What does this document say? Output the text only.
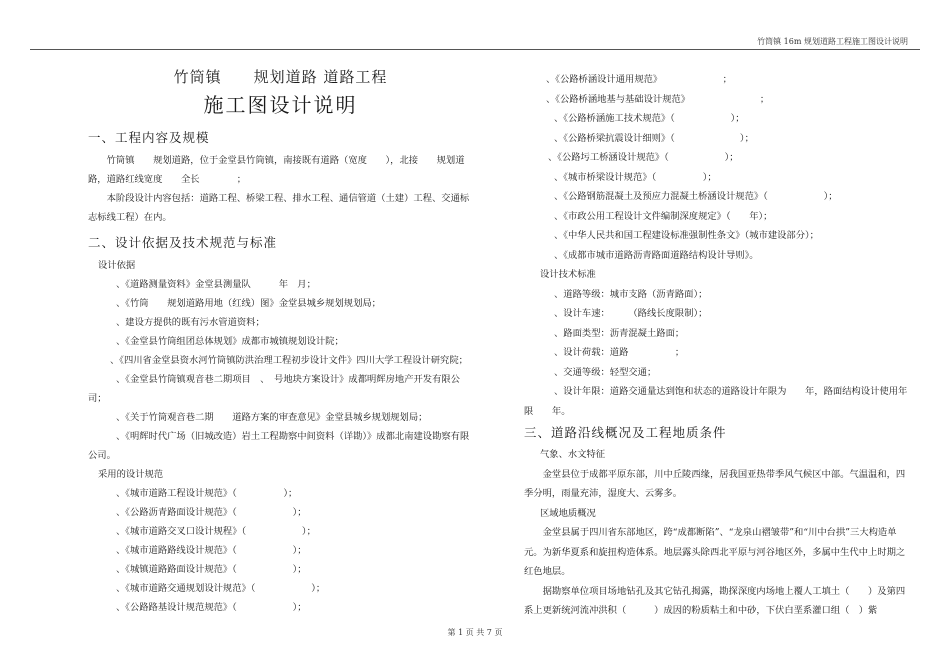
竹筒镇 16m 规划道路工程施工图设计说明
竹筒镇　　规划道路 道路工程
施工图设计说明
一、工程内容及规模

竹筒镇　　规划道路，位于金堂县竹筒镇，南接既有道路（宽度　　），北接　　规划道路，道路红线宽度　　全长　　　　；

本阶段设计内容包括：道路工程、桥梁工程、排水工程、通信管道（土建）工程、交通标志标线工程）在内。

二、设计依据及技术规范与标准

设计依据

、《道路测量资料》金堂县测量队　　　年　月；

、《竹筒　　规划道路用地（红线）图》金堂县城乡规划规划局；

、建设方提供的既有污水管道资料；

、《金堂县竹筒组团总体规划》成都市城镇规划设计院；

、《四川省金堂县资水河竹筒镇防洪治理工程初步设计文件》四川大学工程设计研究院；

、《金堂县竹筒镇观音巷二期项目　、　号地块方案设计》成都明辉房地产开发有限公司；

、《关于竹筒观音巷二期　　道路方案的审查意见》金堂县城乡规划规划局；

、《明辉时代广场（旧城改造）岩土工程勘察中间资料（详勘）》成都北南建设勘察有限公司。

采用的设计规范

、《城市道路工程设计规范》（　　　　　）；

、《公路沥青路面设计规范》（　　　　　　）；

、《城市道路交叉口设计规程》（　　　　　　）；

、《城市道路路线设计规范》（　　　　　　）；

、《城镇道路路面设计规范》（　　　　　　）；

、《城市道路交通规划设计规范》（　　　　　　）；

、《公路路基设计规范规范》（　　　　　　）；

、《公路桥涵设计通用规范》　　　　　　　；

、《公路桥涵地基与基础设计规范》　　　　　　　　；

、《公路桥涵施工技术规范》（　　　　　　）；

、《公路桥梁抗震设计细则》（　　　　　　　）；

、《公路圬工桥涵设计规范》（　　　　　　）；

、《城市桥梁设计规范》（　　　　　）；

、《公路钢筋混凝土及预应力混凝土桥涵设计规范》（　　　　　　）；

、《市政公用工程设计文件编制深度规定》（　　年）；

、《中华人民共和国工程建设标准强制性条文》（城市建设部分）；

、《成都市城市道路沥青路面道路结构设计导则》。

设计技术标准

、道路等级：城市支路（沥青路面）；

、设计车速：　　　（路线长度限制）；

、路面类型：沥青混凝土路面；

、设计荷载：道路　　　　　；

、交通等级：轻型交通；

、设计年限：道路交通量达到饱和状态的道路设计年限为　　年，路面结构设计使用年限　　年。

三、道路沿线概况及工程地质条件

气象、水文特征

金堂县位于成都平原东部，川中丘陵西缘，居我国亚热带季风气候区中部。气温温和，四季分明，雨量充沛，湿度大、云雾多。

区域地质概况

金堂县属于四川省东部地区，跨“成都断陷”、“龙泉山褶皱带”和“川中台拱”三大构造单元。为新华夏系和旋扭构造体系。地层露头除西北平原与河谷地区外，多属中生代中上时期之红色地层。

据勘察单位项目场地钻孔及其它钻孔揭露，勘探深度内场地上覆人工填土（　　）及第四系上更新统河流冲洪积（　　　）成因的粉质粘土和中砂，下伏白垩系灌口组（　）紫

第 1 页 共 7 页
